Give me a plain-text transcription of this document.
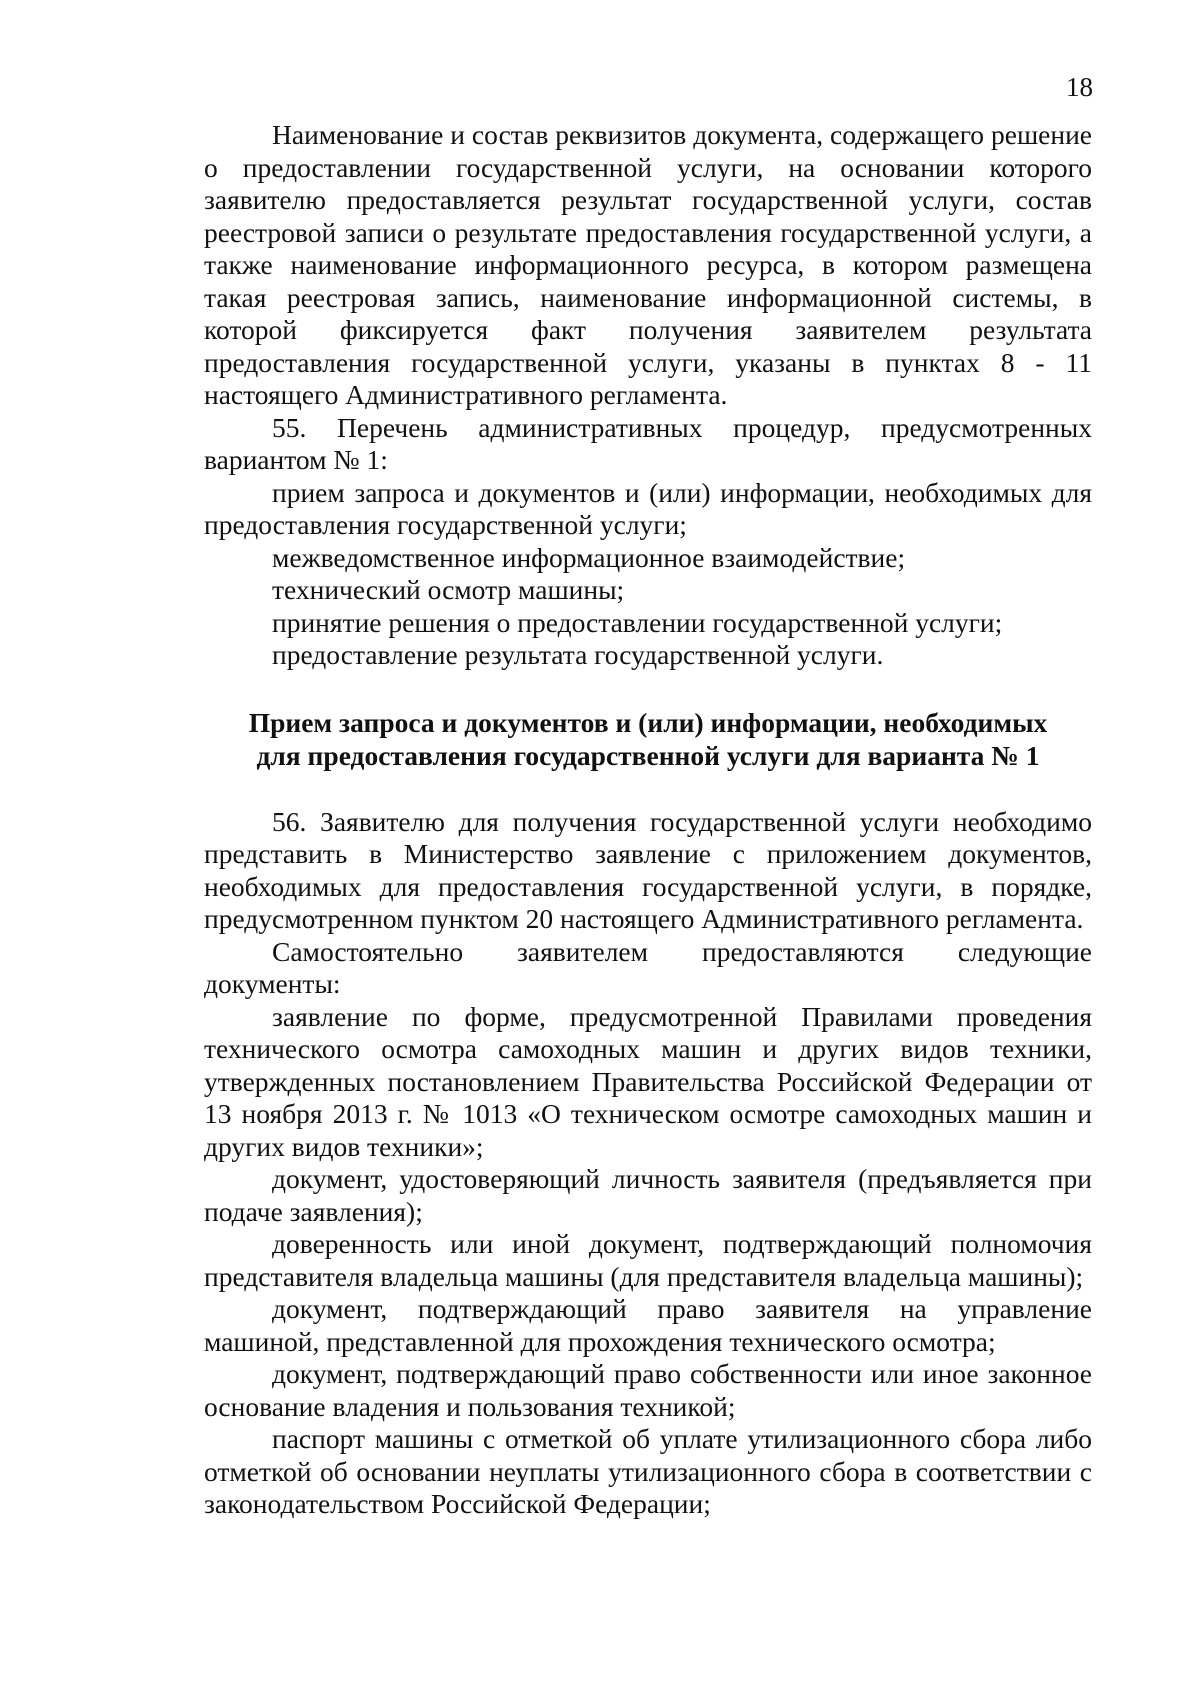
18

Наименование и состав реквизитов документа, содержащего решение о предоставлении государственной услуги, на основании которого заявителю предоставляется результат государственной услуги, состав реестровой записи о результате предоставления государственной услуги, а также наименование информационного ресурса, в котором размещена такая реестровая запись, наименование информационной системы, в которой фиксируется факт получения заявителем результата предоставления государственной услуги, указаны в пунктах 8 - 11 настоящего Административного регламента.

55. Перечень административных процедур, предусмотренных вариантом № 1:

прием запроса и документов и (или) информации, необходимых для предоставления государственной услуги;

межведомственное информационное взаимодействие;

технический осмотр машины;

принятие решения о предоставлении государственной услуги;

предоставление результата государственной услуги.

Прием запроса и документов и (или) информации, необходимых
для предоставления государственной услуги для варианта № 1

56. Заявителю для получения государственной услуги необходимо представить в Министерство заявление с приложением документов, необходимых для предоставления государственной услуги, в порядке, предусмотренном пунктом 20 настоящего Административного регламента.

Самостоятельно заявителем предоставляются следующие документы:

заявление по форме, предусмотренной Правилами проведения технического осмотра самоходных машин и других видов техники, утвержденных постановлением Правительства Российской Федерации от 13 ноября 2013 г. № 1013 «О техническом осмотре самоходных машин и других видов техники»;

документ, удостоверяющий личность заявителя (предъявляется при подаче заявления);

доверенность или иной документ, подтверждающий полномочия представителя владельца машины (для представителя владельца машины);

документ, подтверждающий право заявителя на управление машиной, представленной для прохождения технического осмотра;

документ, подтверждающий право собственности или иное законное основание владения и пользования техникой;

паспорт машины с отметкой об уплате утилизационного сбора либо отметкой об основании неуплаты утилизационного сбора в соответствии с законодательством Российской Федерации;
